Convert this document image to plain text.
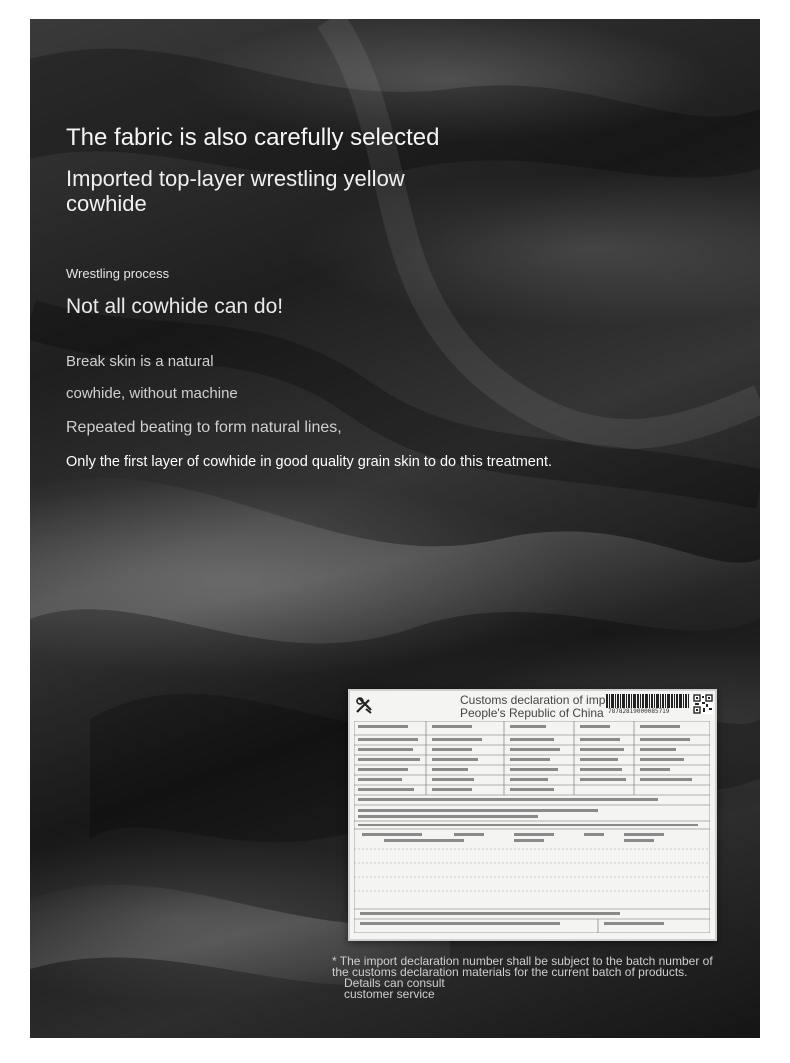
The fabric is also carefully selected
Imported top-layer wrestling yellow cowhide
Wrestling process
Not all cowhide can do!
Break skin is a natural
cowhide, without machine
Repeated beating to form natural lines,
Only the first layer of cowhide in good quality grain skin to do this treatment.
Customs declaration of imp
People's Republic of China 78782819000085719
* The import declaration number shall be subject to the batch number of
the customs declaration materials for the current batch of products.
Details can consult
customer service
